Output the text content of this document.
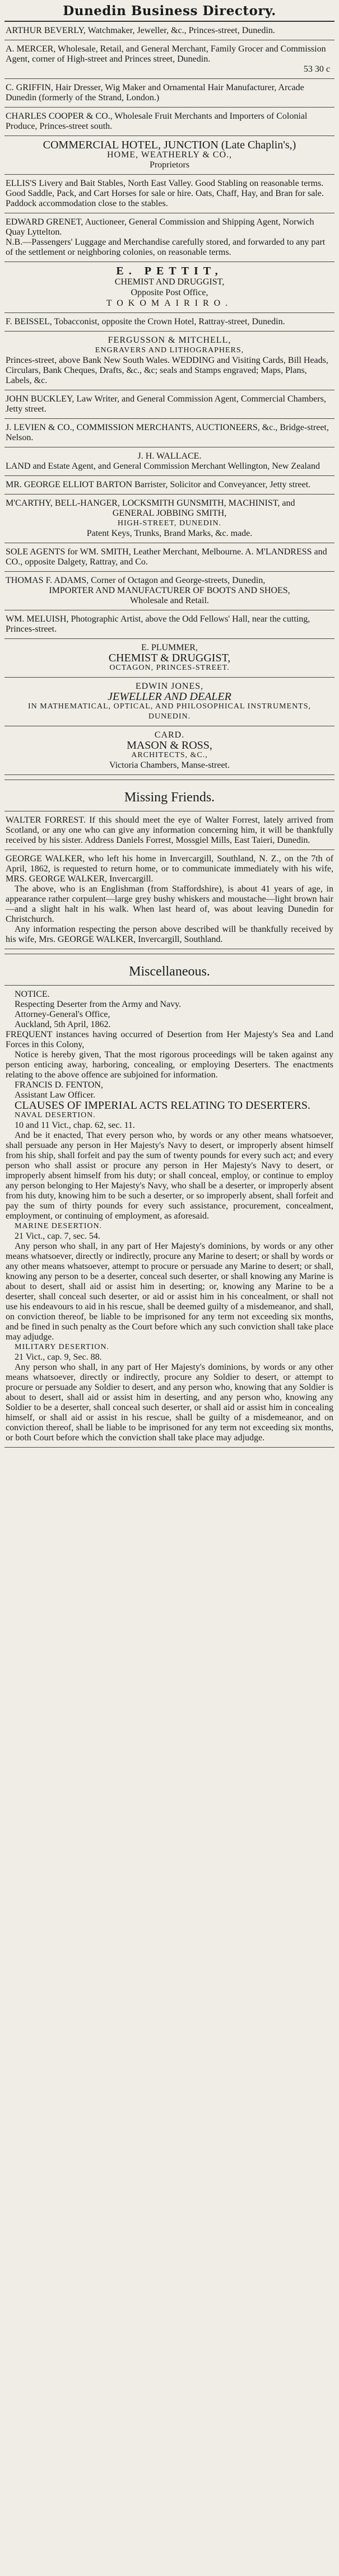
Dunedin Business Directory.

ARTHUR BEVERLY, Watchmaker, Jeweller, &c., Princes-street, Dunedin.

A. MERCER, Wholesale, Retail, and General Merchant, Family Grocer and Commission Agent, corner of High-street and Princes street, Dunedin.

53 30 c

C. GRIFFIN, Hair Dresser, Wig Maker and Ornamental Hair Manufacturer, Arcade Dunedin (formerly of the Strand, London.)

CHARLES COOPER & CO., Wholesale Fruit Merchants and Importers of Colonial Produce, Princes-street south.

COMMERCIAL HOTEL, JUNCTION (Late Chaplin's,)

HOME, WEATHERLY & CO.,

Proprietors

ELLIS'S Livery and Bait Stables, North East Valley. Good Stabling on reasonable terms. Good Saddle, Pack, and Cart Horses for sale or hire. Oats, Chaff, Hay, and Bran for sale. Paddock accommodation close to the stables.

EDWARD GRENET, Auctioneer, General Commission and Shipping Agent, Norwich Quay Lyttelton.

N.B.—Passengers' Luggage and Merchandise carefully stored, and forwarded to any part of the settlement or neighboring colonies, on reasonable terms.

E. PETTIT,

CHEMIST AND DRUGGIST,

Opposite Post Office,

TOKOMAIRIRO.

F. BEISSEL, Tobacconist, opposite the Crown Hotel, Rattray-street, Dunedin.

FERGUSSON & MITCHELL,

ENGRAVERS AND LITHOGRAPHERS,

Princes-street, above Bank New South Wales. WEDDING and Visiting Cards, Bill Heads, Circulars, Bank Cheques, Drafts, &c., &c; seals and Stamps engraved; Maps, Plans, Labels, &c.

JOHN BUCKLEY, Law Writer, and General Commission Agent, Commercial Chambers, Jetty street.

J. LEVIEN & CO., COMMISSION MERCHANTS, AUCTIONEERS, &c., Bridge-street, Nelson.

J. H. WALLACE.

LAND and Estate Agent, and General Commission Merchant Wellington, New Zealand

MR. GEORGE ELLIOT BARTON Barrister, Solicitor and Conveyancer, Jetty street.

M'CARTHY, BELL-HANGER, LOCKSMITH GUNSMITH, MACHINIST, and

GENERAL JOBBING SMITH,

HIGH-STREET, DUNEDIN.

Patent Keys, Trunks, Brand Marks, &c. made.

SOLE AGENTS for WM. SMITH, Leather Merchant, Melbourne. A. M'LANDRESS and CO., opposite Dalgety, Rattray, and Co.

THOMAS F. ADAMS, Corner of Octagon and George-streets, Dunedin,

IMPORTER AND MANUFACTURER OF BOOTS AND SHOES,

Wholesale and Retail.

WM. MELUISH, Photographic Artist, above the Odd Fellows' Hall, near the cutting, Princes-street.

E. PLUMMER,

CHEMIST & DRUGGIST,

OCTAGON, PRINCES-STREET.

EDWIN JONES,

JEWELLER AND DEALER

IN MATHEMATICAL, OPTICAL, AND PHILOSOPHICAL INSTRUMENTS,

DUNEDIN.

CARD.

MASON & ROSS,

ARCHITECTS, &C.,

Victoria Chambers, Manse-street.

Missing Friends.

WALTER FORREST. If this should meet the eye of Walter Forrest, lately arrived from Scotland, or any one who can give any information concerning him, it will be thankfully received by his sister. Address Daniels Forrest, Mossgiel Mills, East Taieri, Dunedin.

GEORGE WALKER, who left his home in Invercargill, Southland, N. Z., on the 7th of April, 1862, is requested to return home, or to communicate immediately with his wife, MRS. GEORGE WALKER, Invercargill.

The above, who is an Englishman (from Staffordshire), is about 41 years of age, in appearance rather corpulent—large grey bushy whiskers and moustache—light brown hair—and a slight halt in his walk. When last heard of, was about leaving Dunedin for Christchurch.

Any information respecting the person above described will be thankfully received by his wife, Mrs. GEORGE WALKER, Invercargill, Southland.

Miscellaneous.

NOTICE.

Respecting Deserter from the Army and Navy.

Attorney-General's Office,

Auckland, 5th April, 1862.

FREQUENT instances having occurred of Desertion from Her Majesty's Sea and Land Forces in this Colony,

Notice is hereby given, That the most rigorous proceedings will be taken against any person enticing away, harboring, concealing, or employing Deserters. The enactments relating to the above offence are subjoined for information.

FRANCIS D. FENTON,

Assistant Law Officer.

CLAUSES OF IMPERIAL ACTS RELATING TO DESERTERS.

NAVAL DESERTION.

10 and 11 Vict., chap. 62, sec. 11.

And be it enacted, That every person who, by words or any other means whatsoever, shall persuade any person in Her Majesty's Navy to desert, or improperly absent himself from his ship, shall forfeit and pay the sum of twenty pounds for every such act; and every person who shall assist or procure any person in Her Majesty's Navy to desert, or improperly absent himself from his duty; or shall conceal, employ, or continue to employ any person belonging to Her Majesty's Navy, who shall be a deserter, or improperly absent from his duty, knowing him to be such a deserter, or so improperly absent, shall forfeit and pay the sum of thirty pounds for every such assistance, procurement, concealment, employment, or continuing of employment, as aforesaid.

MARINE DESERTION.

21 Vict., cap. 7, sec. 54.

Any person who shall, in any part of Her Majesty's dominions, by words or any other means whatsoever, directly or indirectly, procure any Marine to desert; or shall by words or any other means whatsoever, attempt to procure or persuade any Marine to desert; or shall, knowing any person to be a deserter, conceal such deserter, or shall knowing any Marine is about to desert, shall aid or assist him in deserting; or, knowing any Marine to be a deserter, shall conceal such deserter, or aid or assist him in his concealment, or shall not use his endeavours to aid in his rescue, shall be deemed guilty of a misdemeanor, and shall, on conviction thereof, be liable to be imprisoned for any term not exceeding six months, and be fined in such penalty as the Court before which any such conviction shall take place may adjudge.

MILITARY DESERTION.

21 Vict., cap. 9, Sec. 88.

Any person who shall, in any part of Her Majesty's dominions, by words or any other means whatsoever, directly or indirectly, procure any Soldier to desert, or attempt to procure or persuade any Soldier to desert, and any person who, knowing that any Soldier is about to desert, shall aid or assist him in deserting, and any person who, knowing any Soldier to be a deserter, shall conceal such deserter, or shall aid or assist him in concealing himself, or shall aid or assist in his rescue, shall be guilty of a misdemeanor, and on conviction thereof, shall be liable to be imprisoned for any term not exceeding six months, or both Court before which the conviction shall take place may adjudge.
